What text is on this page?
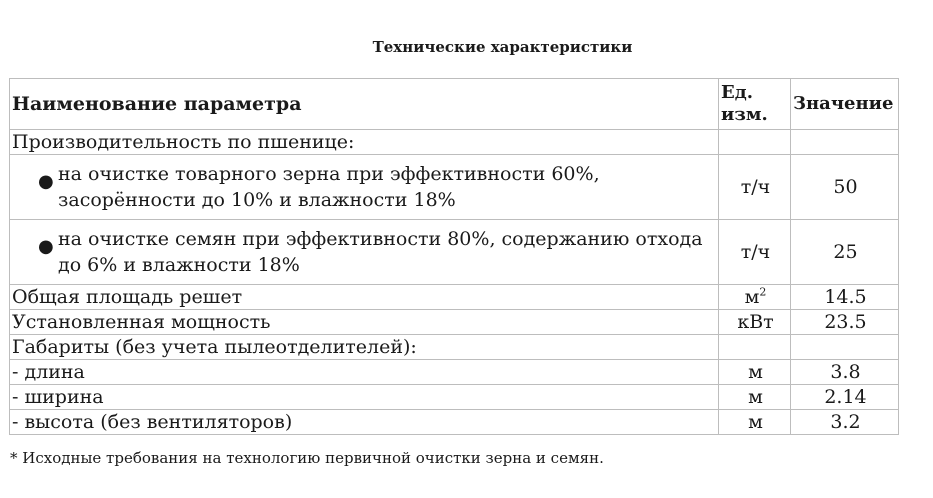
Технические характеристики
Наименование параметра	Ед. изм.	Значение
Производительность по пшенице:		

● на очистке товарного зерна при эффективности 60%, засорённости до 10% и влажности 18%	т/ч	50

● на очистке семян при эффективности 80%, содержанию отхода до 6% и влажности 18%	т/ч	25
Общая площадь решет	$м^2$	14.5
Установленная мощность	кВт	23.5
Габариты (без учета пылеотделителей):		
- длина	м	3.8
- ширина	м	2.14
- высота (без вентиляторов)	м	3.2
* Исходные требования на технологию первичной очистки зерна и семян.
